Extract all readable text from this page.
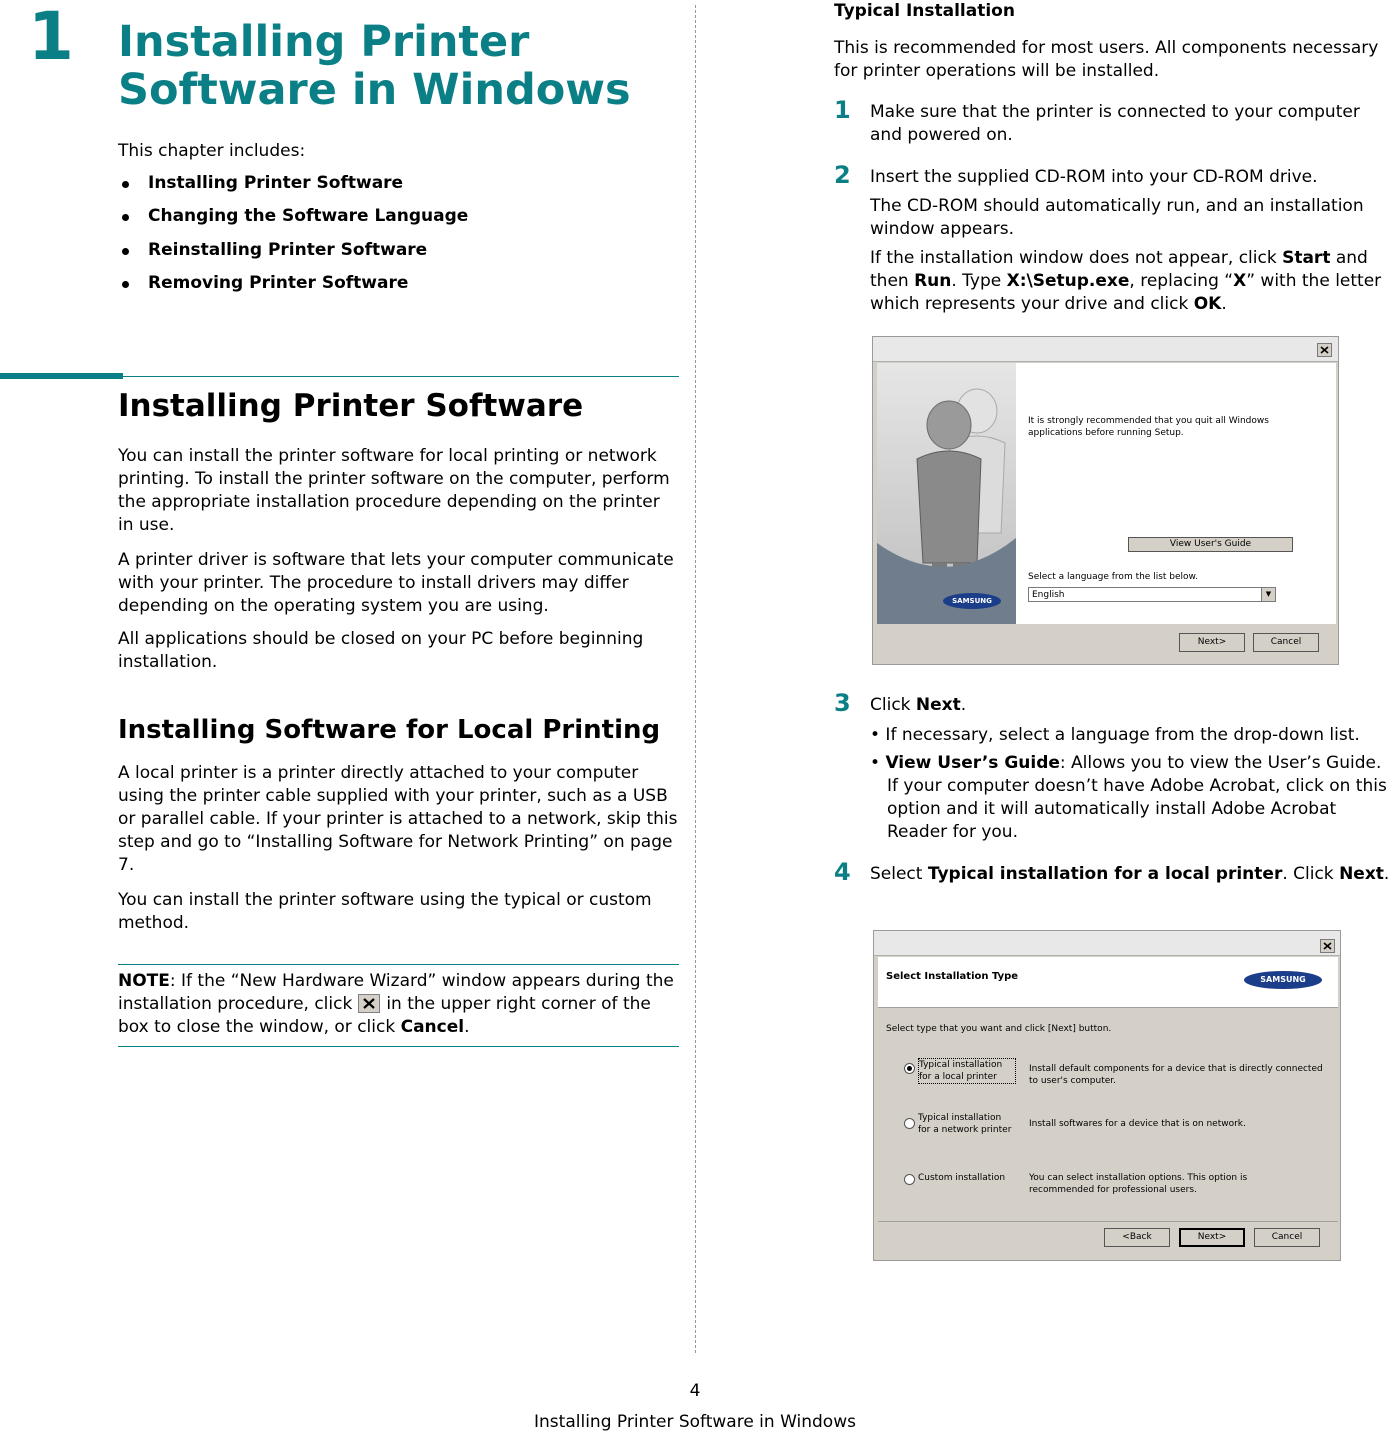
1 Installing Printer Software in Windows
This chapter includes:
Installing Printer Software
Changing the Software Language
Reinstalling Printer Software
Removing Printer Software
Installing Printer Software
You can install the printer software for local printing or network printing. To install the printer software on the computer, perform the appropriate installation procedure depending on the printer in use.
A printer driver is software that lets your computer communicate with your printer. The procedure to install drivers may differ depending on the operating system you are using.
All applications should be closed on your PC before beginning installation.
Installing Software for Local Printing
A local printer is a printer directly attached to your computer using the printer cable supplied with your printer, such as a USB or parallel cable. If your printer is attached to a network, skip this step and go to “Installing Software for Network Printing” on page 7.
You can install the printer software using the typical or custom method.
NOTE: If the “New Hardware Wizard” window appears during the installation procedure, click in the upper right corner of the box to close the window, or click Cancel.
Typical Installation
This is recommended for most users. All components necessary for printer operations will be installed.
1 Make sure that the printer is connected to your computer and powered on.
2 Insert the supplied CD-ROM into your CD-ROM drive.
The CD-ROM should automatically run, and an installation window appears.
If the installation window does not appear, click Start and then Run. Type X:\Setup.exe, replacing “X” with the letter which represents your drive and click OK.
SAMSUNG
It is strongly recommended that you quit all Windows applications before running Setup.
View User's Guide
Select a language from the list below.
English	▼
Next>	Cancel
3 Click Next.
• If necessary, select a language from the drop-down list.
• View User’s Guide: Allows you to view the User’s Guide. If your computer doesn’t have Adobe Acrobat, click on this option and it will automatically install Adobe Acrobat Reader for you.
4 Select Typical installation for a local printer. Click Next.
Select Installation Type	SAMSUNG
Select type that you want and click [Next] button.
Typical installation for a local printer
Install default components for a device that is directly connected to user's computer.
Typical installation for a network printer
Install softwares for a device that is on network.
Custom installation	You can select installation options. This option is recommended for professional users.
<Back	Next>	Cancel
4
Installing Printer Software in Windows
